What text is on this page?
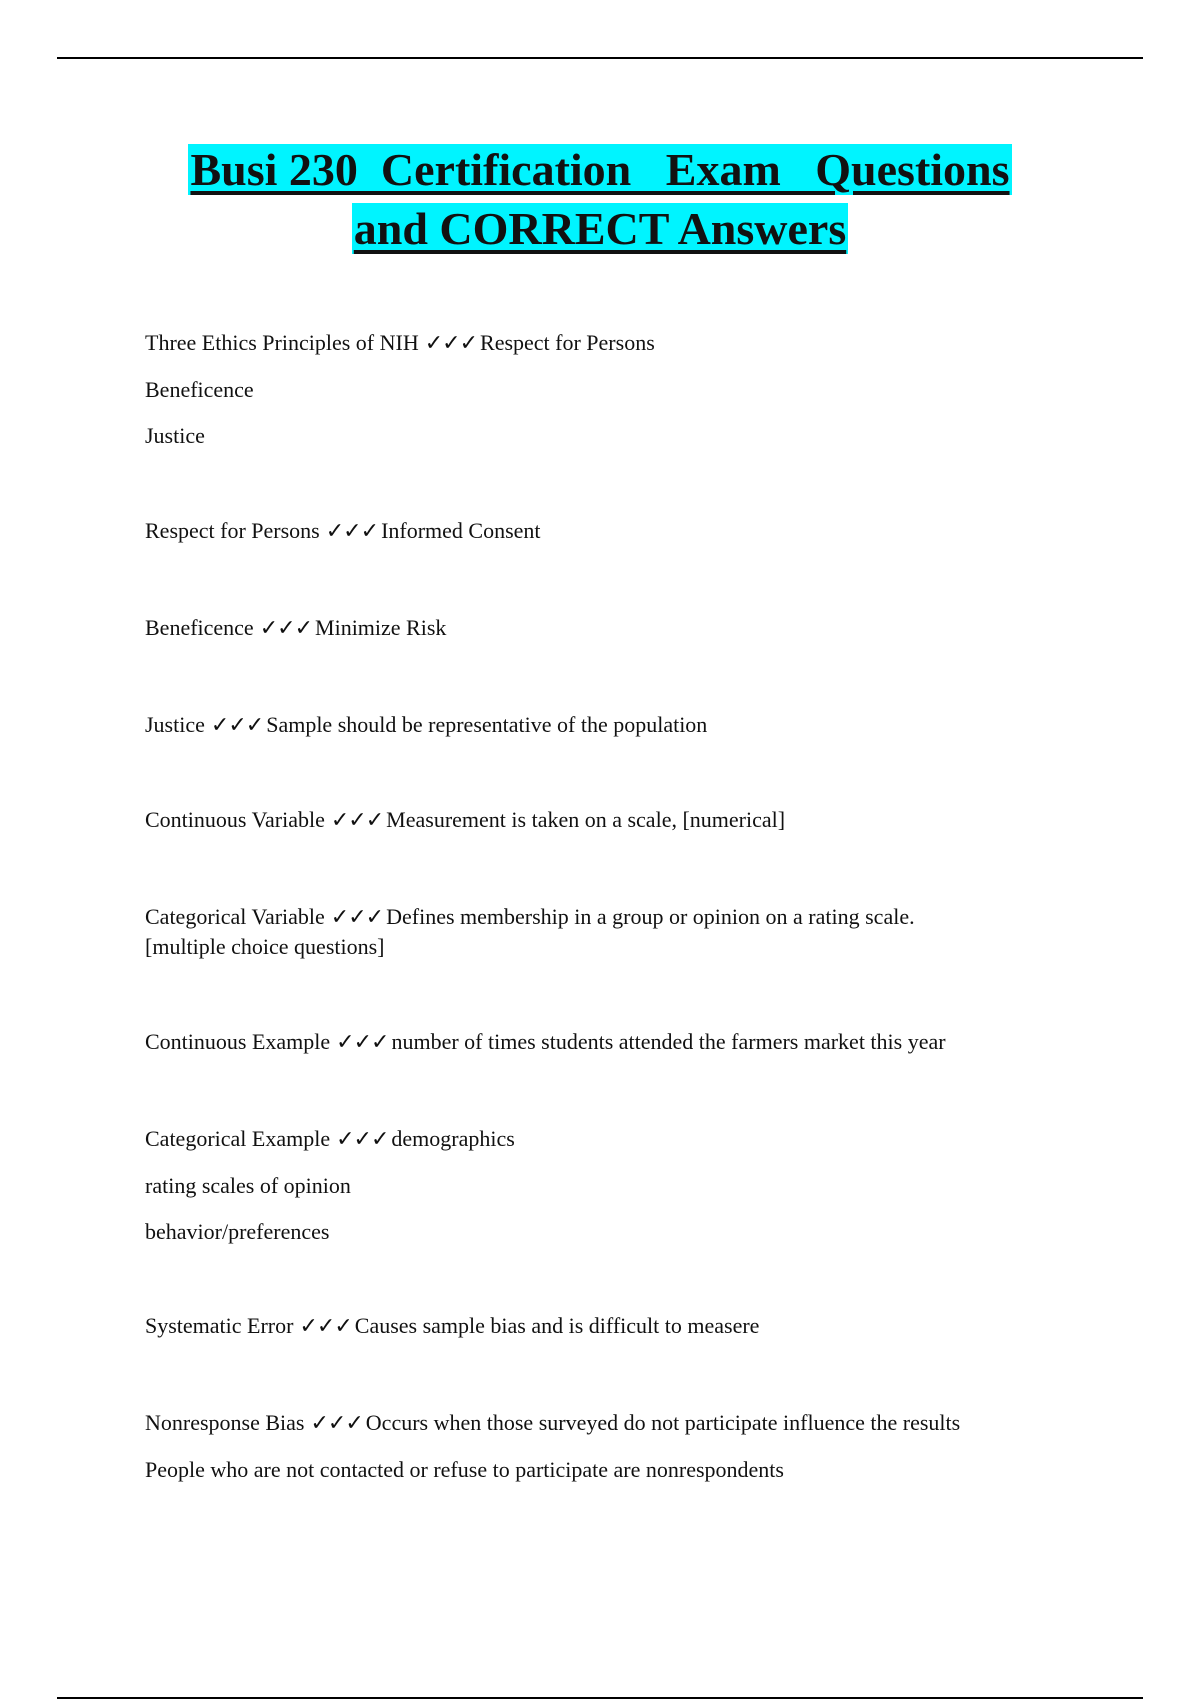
Busi 230  Certification   Exam   Questions
and CORRECT Answers
Three Ethics Principles of NIH ✓✓✓ Respect for Persons
Beneficence
Justice
Respect for Persons ✓✓✓ Informed Consent
Beneficence ✓✓✓ Minimize Risk
Justice ✓✓✓ Sample should be representative of the population
Continuous Variable ✓✓✓ Measurement is taken on a scale, [numerical]
Categorical Variable ✓✓✓ Defines membership in a group or opinion on a rating scale.
[multiple choice questions]
Continuous Example ✓✓✓ number of times students attended the farmers market this year
Categorical Example ✓✓✓ demographics
rating scales of opinion
behavior/preferences
Systematic Error ✓✓✓ Causes sample bias and is difficult to measere
Nonresponse Bias ✓✓✓ Occurs when those surveyed do not participate influence the results
People who are not contacted or refuse to participate are nonrespondents
